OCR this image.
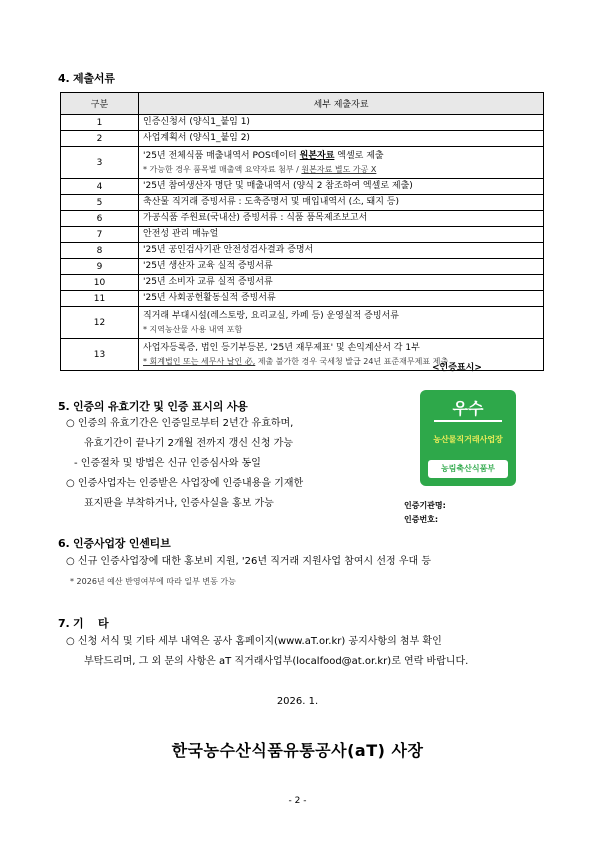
4. 제출서류
구분	세부 제출자료
1	인증신청서 (양식1_붙임 1)
2	사업계획서 (양식1_붙임 2)
3	'25년 전체식품 매출내역서 POS데이터 원본자료 엑셀로 제출
* 가능한 경우 품목별 매출액 요약자료 첨부 / 원본자료 별도 가공 X

4	'25년 참여생산자 명단 및 매출내역서 (양식 2 참조하여 엑셀로 제출)
5	축산물 직거래 증빙서류 : 도축증명서 및 매입내역서 (소, 돼지 등)
6	가공식품 주원료(국내산) 증빙서류 : 식품 품목제조보고서
7	안전성 관리 매뉴얼
8	'25년 공인검사기관 안전성검사결과 증명서
9	'25년 생산자 교육 실적 증빙서류
10	'25년 소비자 교류 실적 증빙서류
11	'25년 사회공헌활동실적 증빙서류
12	직거래 부대시설(레스토랑, 요리교실, 카페 등) 운영실적 증빙서류
* 지역농산물 사용 내역 포함

13	사업자등록증, 법인 등기부등본, '25년 재무제표' 및 손익계산서 각 1부
* 회계법인 또는 세무사 날인 必, 제출 불가한 경우 국세청 발급 24년 표준재무제표 제출
5. 인증의 유효기간 및 인증 표시의 사용
○ 인증의 유효기간은 인증일로부터 2년간 유효하며,
유효기간이 끝나기 2개월 전까지 갱신 신청 가능
- 인증절차 및 방법은 신규 인증심사와 동일
○ 인증사업자는 인증받은 사업장에 인증내용을 기재한
표지판을 부착하거나, 인증사실을 홍보 가능
<인증표시>
우수
농산물직거래사업장
농림축산식품부
인증기관명:
인증번호:
6. 인증사업장 인센티브
○ 신규 인증사업장에 대한 홍보비 지원, '26년 직거래 지원사업 참여시 선정 우대 등
* 2026년 예산 반영여부에 따라 일부 변동 가능
7. 기    타
○ 신청 서식 및 기타 세부 내역은 공사 홈페이지(www.aT.or.kr) 공지사항의 첨부 확인
부탁드리며, 그 외 문의 사항은 aT 직거래사업부(localfood@at.or.kr)로 연락 바랍니다.
2026. 1.
한국농수산식품유통공사(aT) 사장
- 2 -
